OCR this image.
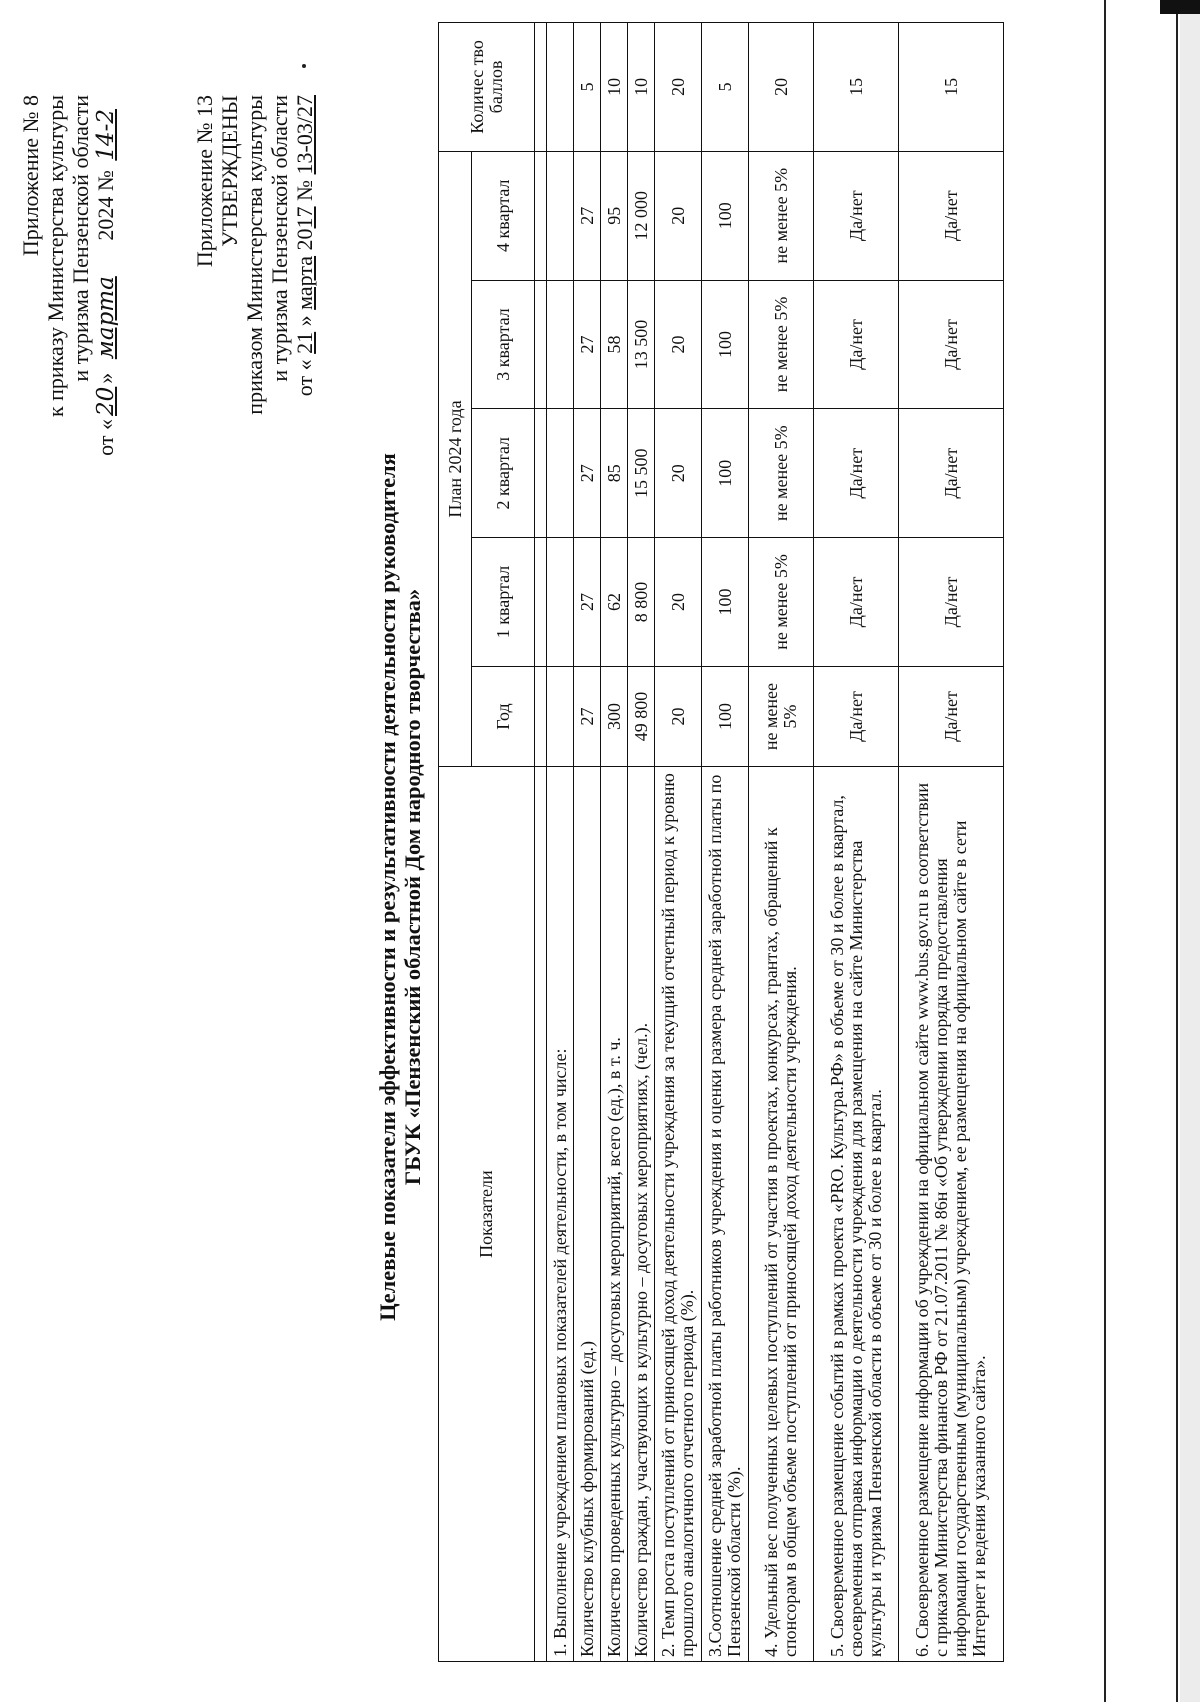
Приложение № 8 к приказу Министерства культуры и туризма Пензенской области
от «20» марта 2024 № 14-2	Приложение № 13 УТВЕРЖДЕНЫ приказом Министерства культуры и туризма Пензенской области от « 21 » марта 2017 № 13-03/27
Целевые показатели эффективности и результативности деятельности руководителя ГБУК «Пензенский областной Дом народного творчества»
Показатели	План 2024 года					Количес тво баллов
	Год	1 квартал	2 квартал	3 квартал	4 квартал	

1. Выполнение учреждением плановых показателей деятельности, в том числе:						
Количество клубных формирований (ед.)	27	27	27	27	27	5
Количество проведенных культурно – досуговых мероприятий, всего (ед.), в т. ч.	300	62	85	58	95	10
Количество граждан, участвующих в культурно – досуговых мероприятиях, (чел.).	49 800	8 800	15 500	13 500	12 000	10
2. Темп роста поступлений от приносящей доход деятельности учреждения за текущий отчетный период к уровню прошлого аналогичного отчетного периода (%).	20	20	20	20	20	20
3.Соотношение средней заработной платы работников учреждения и оценки размера средней заработной платы по Пензенской области (%).	100	100	100	100	100	5
4. Удельный вес полученных целевых поступлений от участия в проектах, конкурсах, грантах, обращений к спонсорам в общем объеме поступлений от приносящей доход деятельности учреждения.	не менее 5%	не менее 5%	не менее 5%	не менее 5%	не менее 5%	20
5. Своевременное размещение событий в рамках проекта «PRO. Культура.РФ» в объеме от 30 и более в квартал, своевременная отправка информации о деятельности учреждения для размещения на сайте Министерства культуры и туризма Пензенской области в объеме от 30 и более в квартал.	Да/нет	Да/нет	Да/нет	Да/нет	Да/нет	15
6. Своевременное размещение информации об учреждении на официальном сайте www.bus.gov.ru в соответствии с приказом Министерства финансов РФ от 21.07.2011 № 86н «Об утверждении порядка предоставления информации государственным (муниципальным) учреждением, ее размещения на официальном сайте в сети Интернет и ведения указанного сайта».	Да/нет	Да/нет	Да/нет	Да/нет	Да/нет	15
